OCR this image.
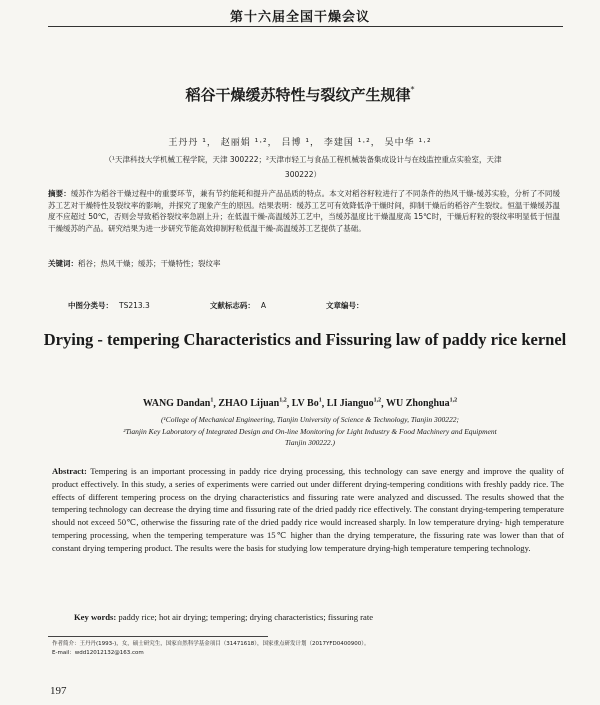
第十六届全国干燥会议
稻谷干燥缓苏特性与裂纹产生规律*
王丹丹 ¹， 赵丽娟 ¹·²， 吕博 ¹， 李建国 ¹·²， 吴中华 ¹·²
（¹天津科技大学机械工程学院，天津 300222；²天津市轻工与食品工程机械装备集成设计与在线监控重点实验室，天津
300222）
摘要：缓苏作为稻谷干燥过程中的重要环节，兼有节约能耗和提升产品品质的特点。本文对稻谷籽粒进行了不同条件的热风干燥-缓苏实验，分析了不同缓苏工艺对干燥特性及裂纹率的影响，并探究了现象产生的原因。结果表明：缓苏工艺可有效降低净干燥时间，抑制干燥后的稻谷产生裂纹。恒温干燥缓苏温度不应超过 50℃，否则会导致稻谷裂纹率急剧上升；在低温干燥-高温缓苏工艺中，当缓苏温度比干燥温度高 15℃时，干燥后籽粒的裂纹率明显低于恒温干燥缓苏的产品。研究结果为进一步研究节能高效抑制籽粒低温干燥-高温缓苏工艺提供了基础。
关键词：稻谷；热风干燥；缓苏；干燥特性；裂纹率
中图分类号： TS213.3	文献标志码： A	文章编号：
Drying - tempering Characteristics and Fissuring law of paddy rice kernel
WANG Dandan$^1$, ZHAO Lijuan$^{1,2}$, LV Bo$^1$, LI Jianguo$^{1,2}$, WU Zhonghua$^{1,2}$
(¹College of Mechanical Engineering, Tianjin University of Science & Technology, Tianjin 300222;
²Tianjin Key Laboratory of Integrated Design and On-line Monitoring for Light Industry & Food Machinery and Equipment
Tianjin 300222.)
Abstract: Tempering is an important processing in paddy rice drying processing, this technology can save energy and improve the quality of product effectively. In this study, a series of experiments were carried out under different drying-tempering conditions with freshly paddy rice. The effects of different tempering process on the drying characteristics and fissuring rate were analyzed and discussed. The results showed that the tempering technology can decrease the drying time and fissuring rate of the dried paddy rice effectively. The constant drying-tempering temperature should not exceed 50℃, otherwise the fissuring rate of the dried paddy rice would increased sharply. In low temperature drying- high temperature tempering processing, when the tempering temperature was 15℃ higher than the drying temperature, the fissuring rate was lower than that of constant drying tempering product. The results were the basis for studying low temperature drying-high temperature tempering technology.
Key words: paddy rice; hot air drying; tempering; drying characteristics; fissuring rate
作者简介：王丹丹(1993-)，女，硕士研究生，国家自然科学基金项目（31471618），国家重点研发计划（2017YFD0400900）。
E-mail：wdd12012132@163.com
197
